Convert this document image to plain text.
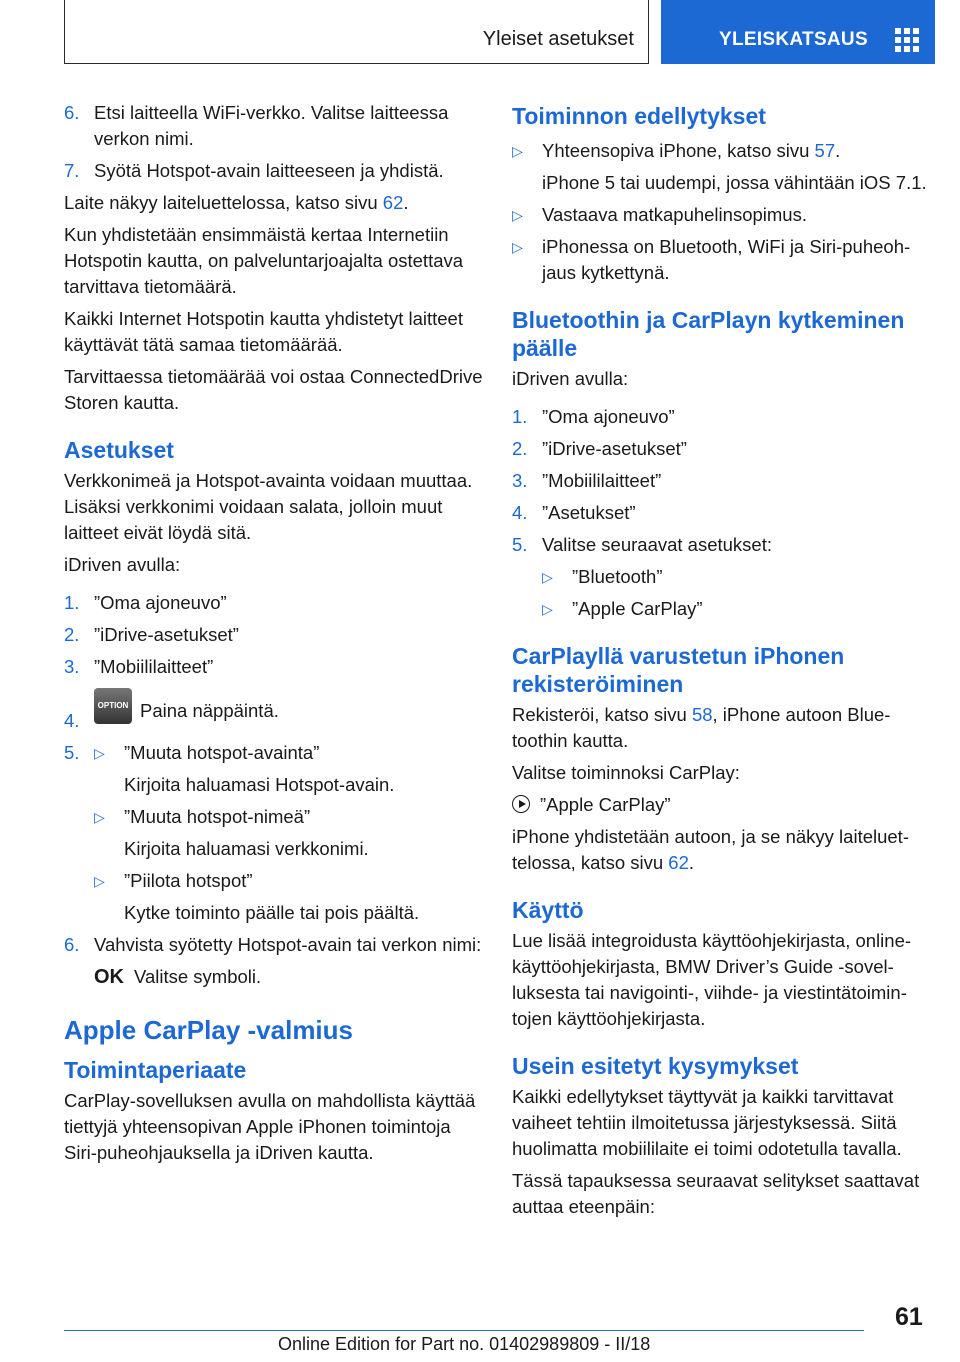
Yleiset asetukset	YLEISKATSAUS
6. Etsi laitteella WiFi-verkko. Valitse laitteessa verkon nimi.
7. Syötä Hotspot-avain laitteeseen ja yhdistä.

Laite näkyy laiteluettelossa, katso sivu 62.

Kun yhdistetään ensimmäistä kertaa Internetiin Hotspotin kautta, on palveluntarjoajalta ostettava tarvittava tietomäärä.

Kaikki Internet Hotspotin kautta yhdistetyt laitteet käyttävät tätä samaa tietomäärää.

Tarvittaessa tietomäärää voi ostaa ConnectedDrive Storen kautta.

Asetukset

Verkkonimeä ja Hotspot-avainta voidaan muuttaa. Lisäksi verkkonimi voidaan salata, jolloin muut laitteet eivät löydä sitä.

iDriven avulla:

1. ”Oma ajoneuvo”
2. ”iDrive-asetukset”
3. ”Mobiililaitteet”
4.
OPTION Paina näppäintä.
5. ▷ ”Muuta hotspot-avainta”
Kirjoita haluamasi Hotspot-avain.
▷ ”Muuta hotspot-nimeä”
Kirjoita haluamasi verkkonimi.
▷ ”Piilota hotspot”
Kytke toiminto päälle tai pois päältä.
6. Vahvista syötetty Hotspot-avain tai verkon nimi:
OK Valitse symboli.
Apple CarPlay -valmius
Toimintaperiaate

CarPlay-sovelluksen avulla on mahdollista käyttää tiettyjä yhteensopivan Apple iPhonen toimintoja Siri-puheohjauksella ja iDriven kautta.

Toiminnon edellytykset
▷ Yhteensopiva iPhone, katso sivu 57.
iPhone 5 tai uudempi, jossa vähintään iOS 7.1.
▷ Vastaava matkapuhelinsopimus.
▷ iPhonessa on Bluetooth, WiFi ja Siri-puheohjaus kytkettynä.
Bluetoothin ja CarPlayn kytkeminen päälle

iDriven avulla:

1. ”Oma ajoneuvo”
2. ”iDrive-asetukset”
3. ”Mobiililaitteet”
4. ”Asetukset”
5. Valitse seuraavat asetukset:
▷ ”Bluetooth”
▷ ”Apple CarPlay”
CarPlayllä varustetun iPhonen rekisteröiminen

Rekisteröi, katso sivu 58, iPhone autoon Bluetoothin kautta.

Valitse toiminnoksi CarPlay:

”Apple CarPlay”

iPhone yhdistetään autoon, ja se näkyy laiteluettelossa, katso sivu 62.

Käyttö

Lue lisää integroidusta käyttöohjekirjasta, online-käyttöohjekirjasta, BMW Driver’s Guide -sovelluksesta tai navigointi-, viihde- ja viestintätoimintojen käyttöohjekirjasta.

Usein esitetyt kysymykset

Kaikki edellytykset täyttyvät ja kaikki tarvittavat vaiheet tehtiin ilmoitetussa järjestyksessä. Siitä huolimatta mobiililaite ei toimi odotetulla tavalla.

Tässä tapauksessa seuraavat selitykset saattavat auttaa eteenpäin:

61
Online Edition for Part no. 01402989809 - II/18
